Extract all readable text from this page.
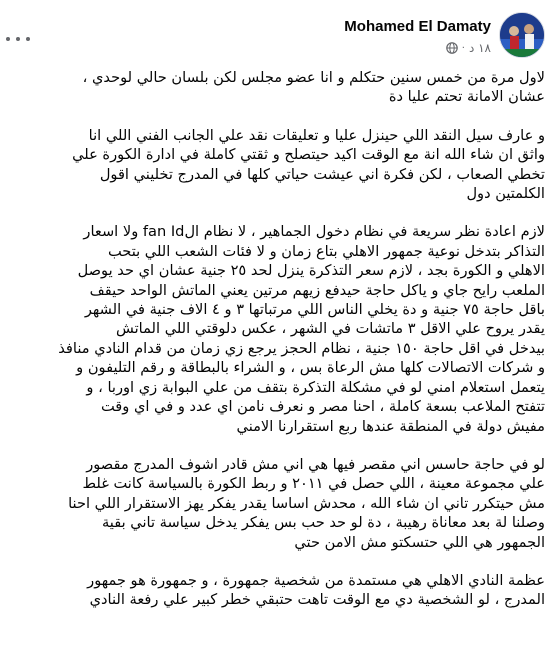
Mohamed El Damaty
١٨ د
·

لاول مرة من خمس سنين حتكلم و انا عضو مجلس لكن بلسان حالي لوحدي ،
عشان الامانة تحتم عليا دة

و عارف سيل النقد اللي حينزل عليا و تعليقات نقد علي الجانب الفني اللي انا
واثق ان شاء الله انة مع الوقت اكيد حيتصلح و ثقتي كاملة في ادارة الكورة علي
تخطي الصعاب ، لكن فكرة اني عيشت حياتي كلها في المدرج تخليني اقول
الكلمتين دول

لازم اعادة نظر سريعة في نظام دخول الجماهير ، لا نظام الfan Id ولا اسعار
التذاكر بتدخل نوعية جمهور الاهلي بتاع زمان و لا فئات الشعب اللي بتحب
الاهلي و الكورة بجد ، لازم سعر التذكرة ينزل لحد ٢٥ جنية عشان اي حد يوصل
الملعب رايح جاي و ياكل حاجة حيدفع زيهم مرتين يعني الماتش الواحد حيقف
باقل حاجة ٧٥ جنية و دة يخلي الناس اللي مرتباتها ٣ و ٤ الاف جنية في الشهر
يقدر يروح علي الاقل ٣ ماتشات في الشهر ، عكس دلوقتي اللي الماتش
بيدخل في اقل حاجة ١٥٠ جنية ، نظام الحجز يرجع زي زمان من قدام النادي منافذ
و شركات الاتصالات كلها مش الرعاة بس ، و الشراء بالبطاقة و رقم التليفون و
يتعمل استعلام امني لو في مشكلة التذكرة بتقف من علي البوابة زي اوربا ، و
تتفتح الملاعب بسعة كاملة ، احنا مصر و نعرف نامن اي عدد و في اي وقت
مفيش دولة في المنطقة عندها ربع استقرارنا الامني

لو في حاجة حاسس اني مقصر فيها هي اني مش قادر اشوف المدرج مقصور
علي مجموعة معينة ، اللي حصل في ٢٠١١ و ربط الكورة بالسياسة كانت غلط
مش حيتكرر تاني ان شاء الله ، محدش اساسا يقدر يفكر يهز الاستقرار اللي احنا
وصلنا لة بعد معاناة رهيبة ، دة لو حد حب بس يفكر يدخل سياسة تاني بقية
الجمهور هي اللي حتسكتو مش الامن حتي

عظمة النادي الاهلي هي مستمدة من شخصية جمهورة ، و جمهورة هو جمهور
المدرج ، لو الشخصية دي مع الوقت تاهت حتبقي خطر كبير علي رفعة النادي
